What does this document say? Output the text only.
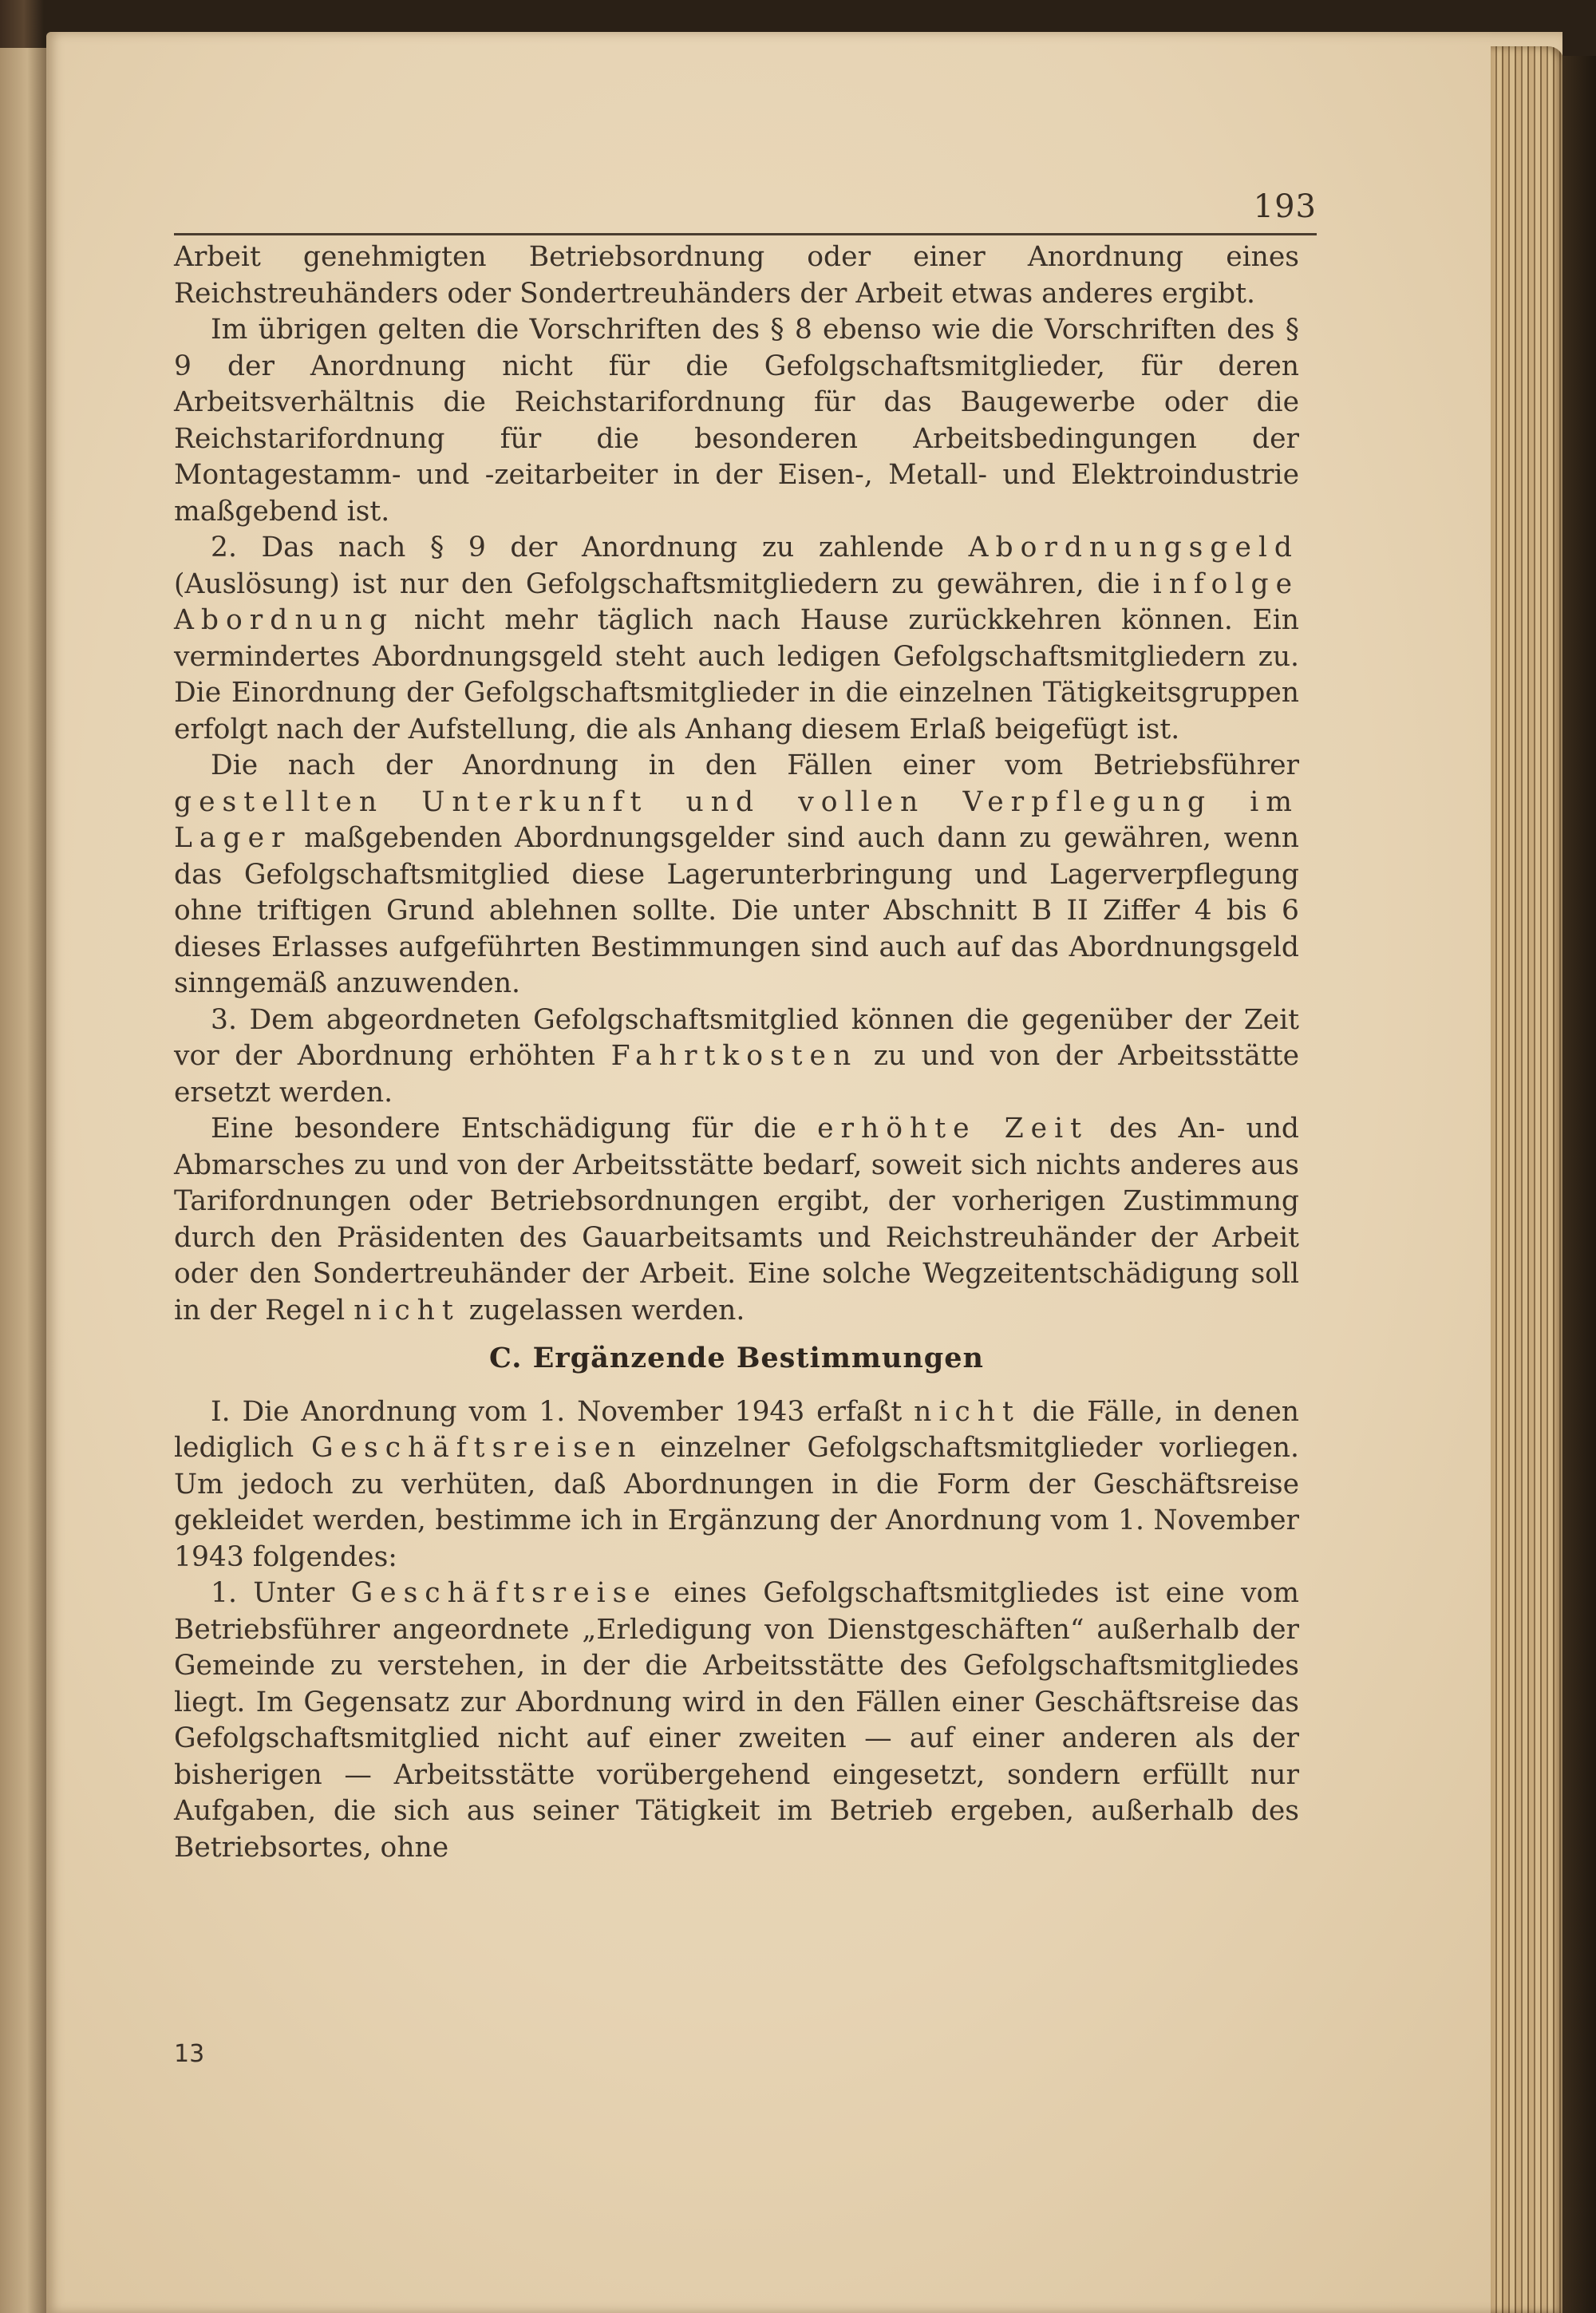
193

Arbeit genehmigten Betriebsordnung oder einer Anordnung eines Reichstreuhänders oder Sondertreuhänders der Arbeit etwas anderes ergibt.

Im übrigen gelten die Vorschriften des § 8 ebenso wie die Vorschriften des § 9 der Anordnung nicht für die Gefolgschaftsmitglieder, für deren Arbeitsverhältnis die Reichstarifordnung für das Baugewerbe oder die Reichstarifordnung für die besonderen Arbeitsbedingungen der Montagestamm- und -zeitarbeiter in der Eisen-, Metall- und Elektroindustrie maßgebend ist.

2. Das nach § 9 der Anordnung zu zahlende Abordnungsgeld (Auslösung) ist nur den Gefolgschaftsmitgliedern zu gewähren, die infolge Abordnung nicht mehr täglich nach Hause zurückkehren können. Ein vermindertes Abordnungsgeld steht auch ledigen Gefolgschaftsmitgliedern zu. Die Einordnung der Gefolgschaftsmitglieder in die einzelnen Tätigkeitsgruppen erfolgt nach der Aufstellung, die als Anhang diesem Erlaß beigefügt ist.

Die nach der Anordnung in den Fällen einer vom Betriebsführer gestellten Unterkunft und vollen Verpflegung im Lager maßgebenden Abordnungsgelder sind auch dann zu gewähren, wenn das Gefolgschaftsmitglied diese Lagerunterbringung und Lagerverpflegung ohne triftigen Grund ablehnen sollte. Die unter Abschnitt B II Ziffer 4 bis 6 dieses Erlasses aufgeführten Bestimmungen sind auch auf das Abordnungsgeld sinngemäß anzuwenden.

3. Dem abgeordneten Gefolgschaftsmitglied können die gegenüber der Zeit vor der Abordnung erhöhten Fahrtkosten zu und von der Arbeitsstätte ersetzt werden.

Eine besondere Entschädigung für die erhöhte Zeit des An- und Abmarsches zu und von der Arbeitsstätte bedarf, soweit sich nichts anderes aus Tarifordnungen oder Betriebsordnungen ergibt, der vorherigen Zustimmung durch den Präsidenten des Gauarbeitsamts und Reichstreuhänder der Arbeit oder den Sondertreuhänder der Arbeit. Eine solche Wegzeitentschädigung soll in der Regel nicht zugelassen werden.

C. Ergänzende Bestimmungen

I. Die Anordnung vom 1. November 1943 erfaßt nicht die Fälle, in denen lediglich Geschäftsreisen einzelner Gefolgschaftsmitglieder vorliegen. Um jedoch zu verhüten, daß Abordnungen in die Form der Geschäftsreise gekleidet werden, bestimme ich in Ergänzung der Anordnung vom 1. November 1943 folgendes:

1. Unter Geschäftsreise eines Gefolgschaftsmitgliedes ist eine vom Betriebsführer angeordnete „Erledigung von Dienstgeschäften“ außerhalb der Gemeinde zu verstehen, in der die Arbeitsstätte des Gefolgschaftsmitgliedes liegt. Im Gegensatz zur Abordnung wird in den Fällen einer Geschäftsreise das Gefolgschaftsmitglied nicht auf einer zweiten — auf einer anderen als der bisherigen — Arbeitsstätte vorübergehend eingesetzt, sondern erfüllt nur Aufgaben, die sich aus seiner Tätigkeit im Betrieb ergeben, außerhalb des Betriebsortes, ohne

13
